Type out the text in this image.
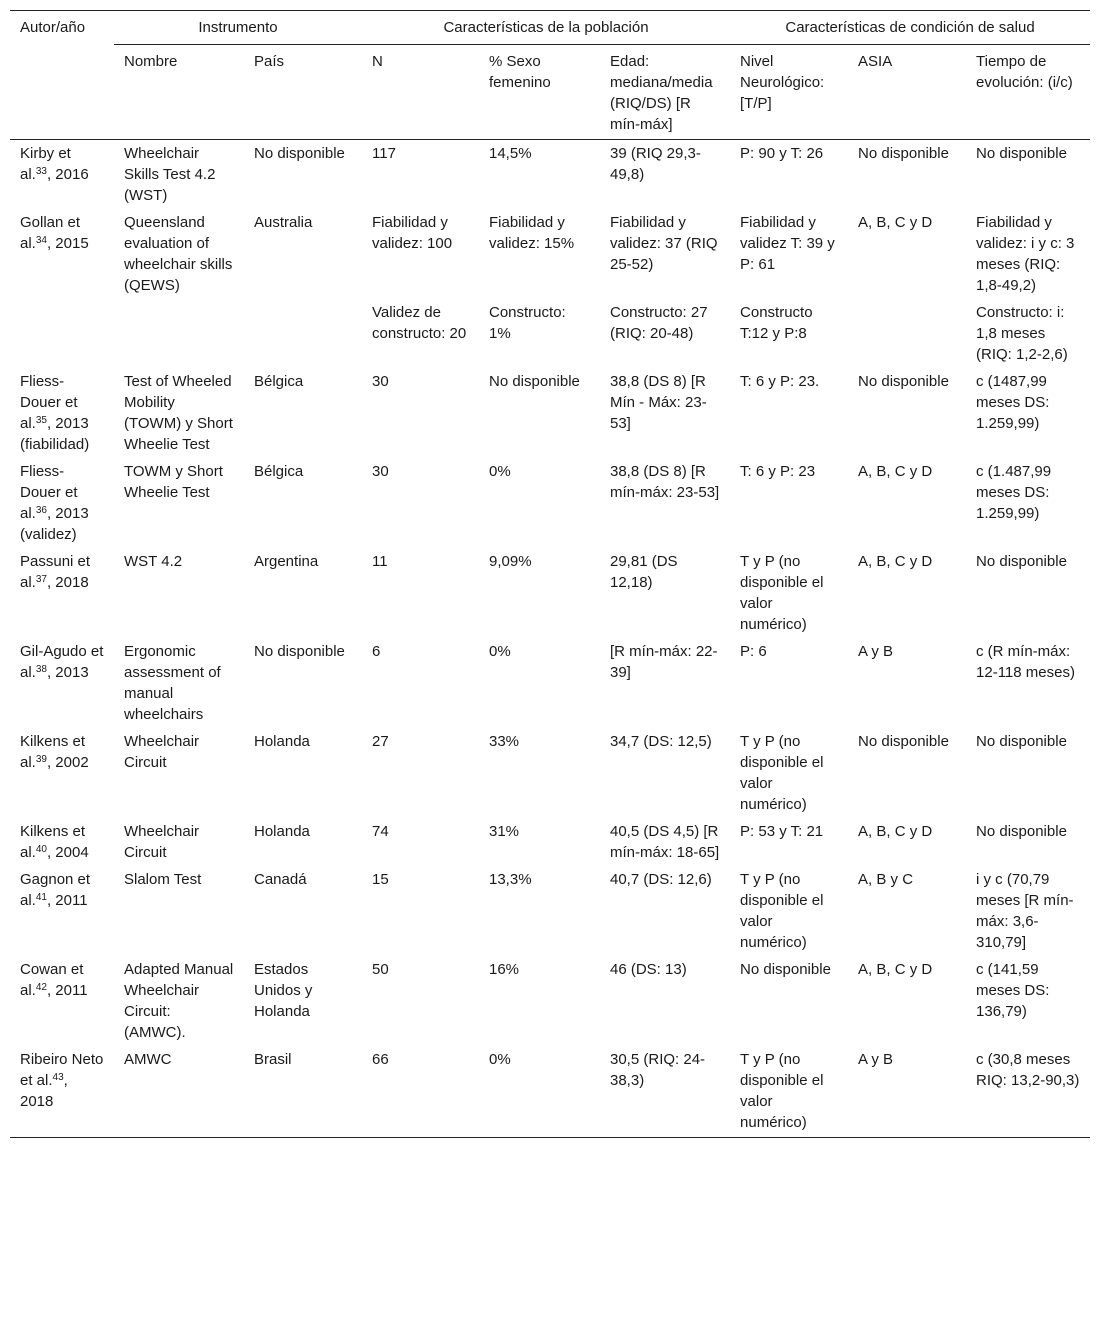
Autor/año	Instrumento		Características de la población			Características de condición de salud		
	Nombre	País	N	% Sexo femenino	Edad: mediana/media (RIQ/DS) [R mín-máx]	Nivel Neurológico: [T/P]	ASIA	Tiempo de evolución: (i/c)
Kirby et al.$^{33}$, 2016	Wheelchair Skills Test 4.2 (WST)	No disponible	117	14,5%	39 (RIQ 29,3-49,8)	P: 90 y T: 26	No disponible	No disponible
Gollan et al.$^{34}$, 2015	Queensland evaluation of wheelchair skills (QEWS)	Australia	Fiabilidad y validez: 100	Fiabilidad y validez: 15%	Fiabilidad y validez: 37 (RIQ 25-52)	Fiabilidad y validez T: 39 y P: 61	A, B, C y D	Fiabilidad y validez: i y c: 3 meses (RIQ: 1,8-49,2)
			Validez de constructo: 20	Constructo: 1%	Constructo: 27 (RIQ: 20-48)	Constructo T:12 y P:8		Constructo: i: 1,8 meses (RIQ: 1,2-2,6)
Fliess-Douer et al.$^{35}$, 2013 (fiabilidad)	Test of Wheeled Mobility (TOWM) y Short Wheelie Test	Bélgica	30	No disponible	38,8 (DS 8) [R Mín - Máx: 23-53]	T: 6 y P: 23.	No disponible	c (1487,99 meses DS: 1.259,99)
Fliess-Douer et al.$^{36}$, 2013 (validez)	TOWM y Short Wheelie Test	Bélgica	30	0%	38,8 (DS 8) [R mín-máx: 23-53]	T: 6 y P: 23	A, B, C y D	c (1.487,99 meses DS: 1.259,99)
Passuni et al.$^{37}$, 2018	WST 4.2	Argentina	11	9,09%	29,81 (DS 12,18)	T y P (no disponible el valor numérico)	A, B, C y D	No disponible
Gil-Agudo et al.$^{38}$, 2013	Ergonomic assessment of manual wheelchairs	No disponible	6	0%	[R mín-máx: 22-39]	P: 6	A y B	c (R mín-máx: 12-118 meses)
Kilkens et al.$^{39}$, 2002	Wheelchair Circuit	Holanda	27	33%	34,7 (DS: 12,5)	T y P (no disponible el valor numérico)	No disponible	No disponible
Kilkens et al.$^{40}$, 2004	Wheelchair Circuit	Holanda	74	31%	40,5 (DS 4,5) [R mín-máx: 18-65]	P: 53 y T: 21	A, B, C y D	No disponible
Gagnon et al.$^{41}$, 2011	Slalom Test	Canadá	15	13,3%	40,7 (DS: 12,6)	T y P (no disponible el valor numérico)	A, B y C	i y c (70,79 meses [R mín-máx: 3,6-310,79]
Cowan et al.$^{42}$, 2011	Adapted Manual Wheelchair Circuit: (AMWC).	Estados Unidos y Holanda	50	16%	46 (DS: 13)	No disponible	A, B, C y D	c (141,59 meses DS: 136,79)
Ribeiro Neto et al.$^{43}$, 2018	AMWC	Brasil	66	0%	30,5 (RIQ: 24-38,3)	T y P (no disponible el valor numérico)	A y B	c (30,8 meses RIQ: 13,2-90,3)
